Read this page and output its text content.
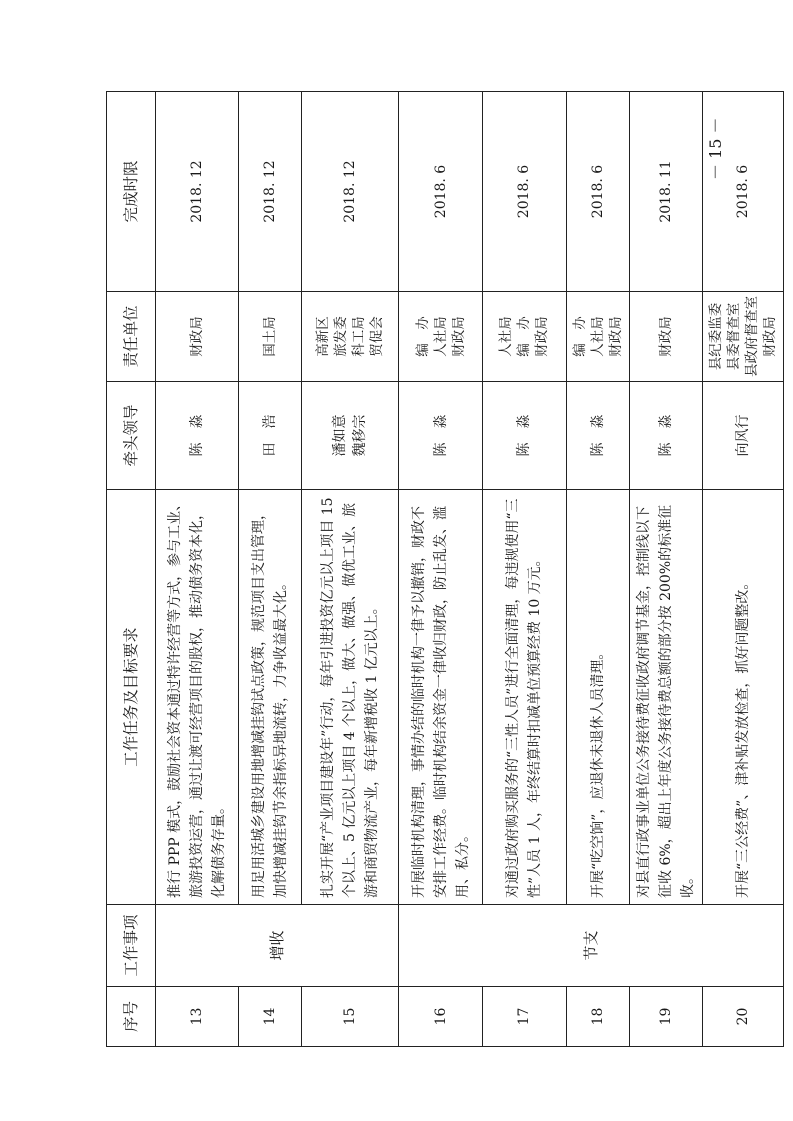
序号	工作事项	工作任务及目标要求	牵头领导	责任单位	完成时限
13	增收	推行 PPP 模式，鼓励社会资本通过特许经营等方式，参与工业、旅游投资运营，通过让渡可经营项目的股权，推动债务资本化，化解债务存量。	陈　淼	财政局	2018. 12
14		用足用活城乡建设用地增减挂钩试点政策，规范项目支出管理，加快增减挂钩节余指标异地流转，力争收益最大化。	田　浩	国土局	2018. 12
15		扎实开展“产业项目建设年”行动，每年引进投资亿元以上项目 15 个以上、5 亿元以上项目 4 个以上，做大、做强、做优工业、旅游和商贸物流产业，每年新增税收 1 亿元以上。	潘如意 魏移宗	高新区 旅发委 科工局 贸促会	2018. 12
16	节支	开展临时机构清理，事情办结的临时机构一律予以撤销，财政不安排工作经费。临时机构结余资金一律收归财政，防止乱发、滥用、私分。	陈　淼	编　办 人社局 财政局	2018. 6
17		对通过政府购买服务的“三性人员”进行全面清理，每违规使用“三性”人员 1 人，年终结算时扣减单位预算经费 10 万元。	陈　淼	人社局 编　办 财政局	2018. 6
18		开展“吃空饷”，应退休未退休人员清理。	陈　淼	编　办 人社局 财政局	2018. 6
19		对县直行政事业单位公务接待费征收政府调节基金，控制线以下征收 6%，超出上年度公务接待费总额的部分按 200%的标准征收。	陈　淼	财政局	2018. 11
20		开展“三公经费”、津补贴发放检查，抓好问题整改。	向风行	县纪委监委 县委督查室 县政府督查室 财政局	2018. 6
－ 15 －
